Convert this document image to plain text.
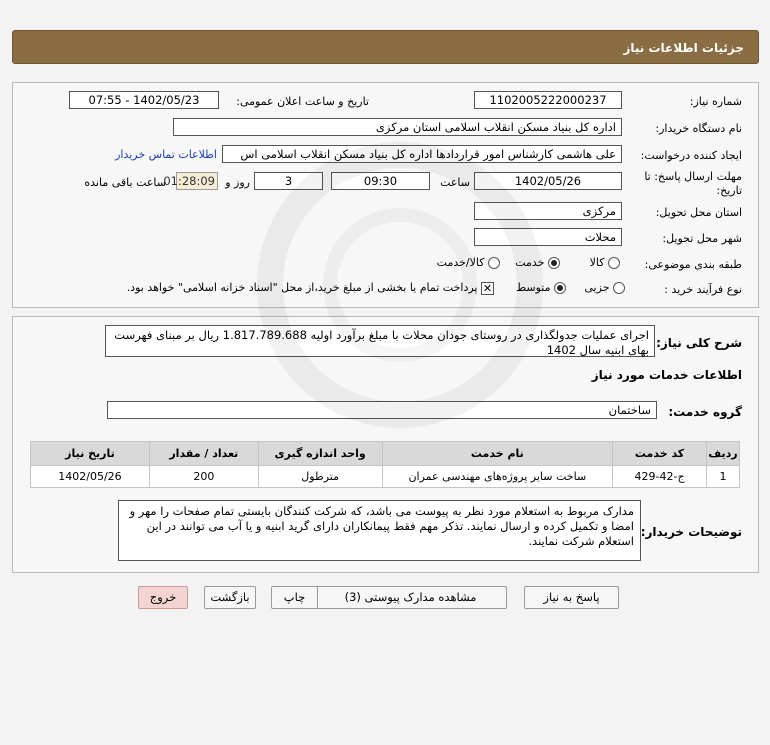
جزئیات اطلاعات نیاز
شماره نیاز:
1102005222000237
تاریخ و ساعت اعلان عمومی:
1402/05/23 - 07:55
نام دستگاه خریدار:
اداره کل بنیاد مسکن انقلاب اسلامی استان مرکزی
ایجاد کننده درخواست:
علی هاشمی کارشناس امور قراردادها اداره کل بنیاد مسکن انقلاب اسلامی اس
اطلاعات تماس خریدار
مهلت ارسال پاسخ: تا
تاریخ:
1402/05/26
ساعت
09:30
3
روز و
01:28:09
ساعت باقی مانده
استان محل تحویل:
مرکزی
شهر محل تحویل:
محلات
طبقه بندی موضوعی:
کالا
خدمت
کالا/خدمت
نوع فرآیند خرید :
جزیی
متوسط
✕ پرداخت تمام یا بخشی از مبلغ خرید،از محل "اسناد خزانه اسلامی" خواهد بود.
شرح کلی نیاز:
اجرای عملیات جدولگذاری در روستای جودان محلات با مبلغ برآورد اولیه 1.817.789.688 ریال بر مبنای فهرست بهای ابنیه سال 1402
اطلاعات خدمات مورد نیاز
گروه خدمت:
ساختمان
ردیف	کد خدمت	نام خدمت	واحد اندازه گیری	تعداد / مقدار	تاریخ نیاز
1	ج-42-429	ساخت سایر پروژه‌های مهندسی عمران	مترطول	200	1402/05/26
توضیحات خریدار:
مدارک مربوط به استعلام مورد نظر به پیوست می باشد، که شرکت کنندگان بایستی تمام صفحات را مهر و امضا و تکمیل کرده و ارسال نمایند. تذکر مهم فقط پیمانکاران دارای گرید ابنیه و یا آب می توانند در این استعلام شرکت نمایند.
پاسخ به نیاز
مشاهده مدارک پیوستی (3)
چاپ
بازگشت
خروج
